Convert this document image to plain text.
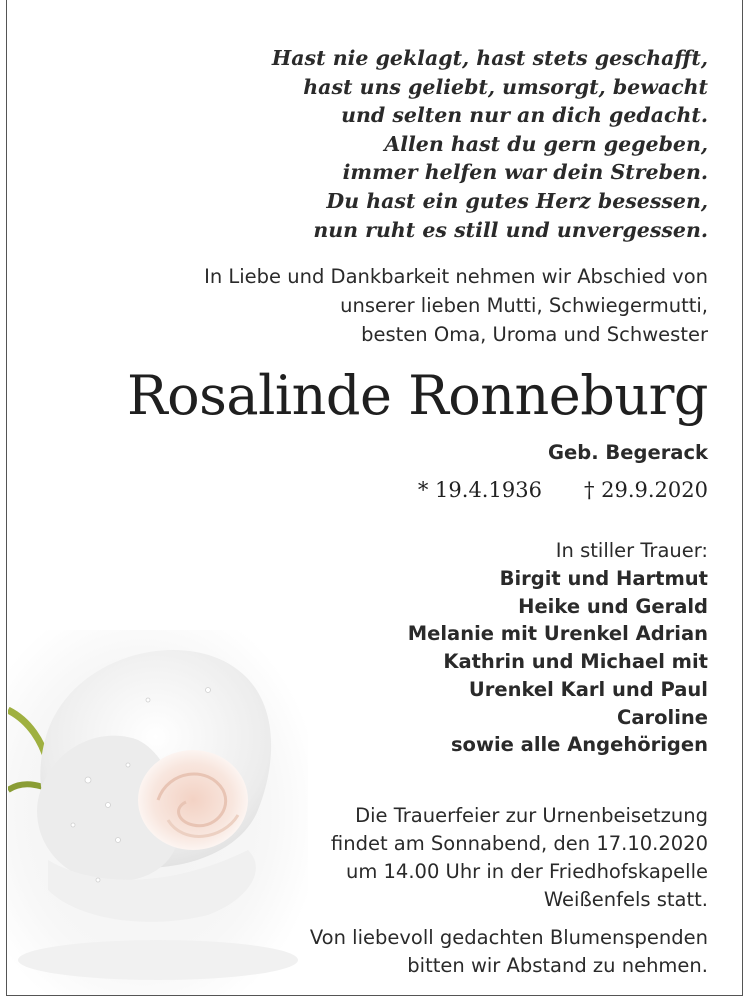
Hast nie geklagt, hast stets geschafft,
hast uns geliebt, umsorgt, bewacht
und selten nur an dich gedacht.
Allen hast du gern gegeben,
immer helfen war dein Streben.
Du hast ein gutes Herz besessen,
nun ruht es still und unvergessen.
In Liebe und Dankbarkeit nehmen wir Abschied von
unserer lieben Mutti, Schwiegermutti,
besten Oma, Uroma und Schwester
Rosalinde Ronneburg
Geb. Begerack
* 19.4.1936 † 29.9.2020
In stiller Trauer:
Birgit und Hartmut
Heike und Gerald
Melanie mit Urenkel Adrian
Kathrin und Michael mit
Urenkel Karl und Paul
Caroline
sowie alle Angehörigen
Die Trauerfeier zur Urnenbeisetzung
findet am Sonnabend, den 17.10.2020
um 14.00 Uhr in der Friedhofskapelle
Weißenfels statt.
Von liebevoll gedachten Blumenspenden
bitten wir Abstand zu nehmen.
